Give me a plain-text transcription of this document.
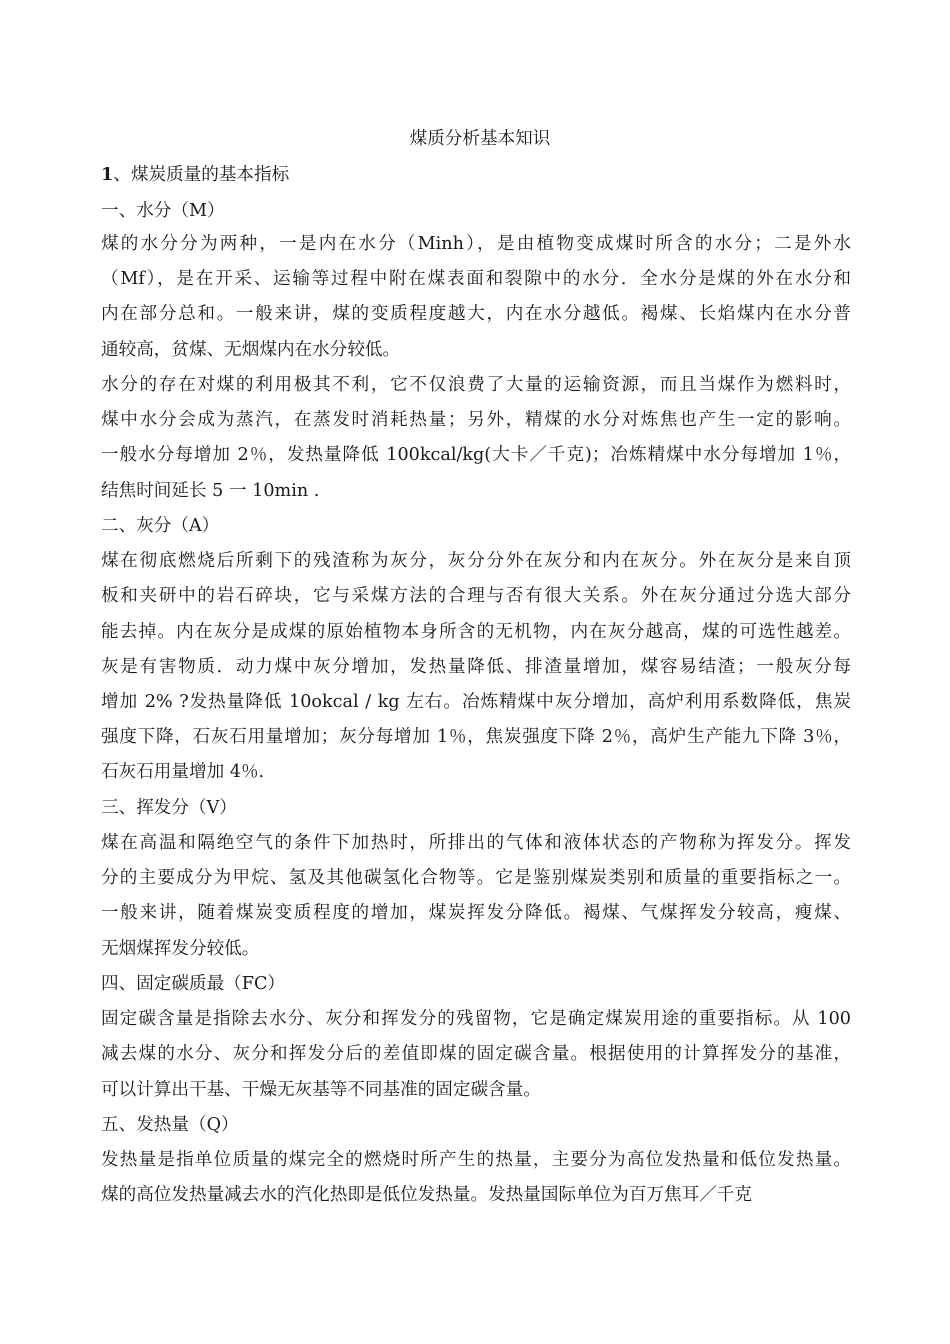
煤质分析基本知识
1、煤炭质量的基本指标
一、水分（M）
煤的水分分为两种，一是内在水分（Minh），是由植物变成煤时所含的水分；二是外水
（Mf），是在开采、运输等过程中附在煤表面和裂隙中的水分．全水分是煤的外在水分和
内在部分总和。一般来讲，煤的变质程度越大，内在水分越低。褐煤、长焰煤内在水分普
通较高，贫煤、无烟煤内在水分较低。
水分的存在对煤的利用极其不利，它不仅浪费了大量的运输资源，而且当煤作为燃料时，
煤中水分会成为蒸汽，在蒸发时消耗热量；另外，精煤的水分对炼焦也产生一定的影响。
一般水分每增加 2％，发热量降低 100kcal/kg(大卡／千克)；冶炼精煤中水分每增加 1％，
结焦时间延长 5 一 10min .
二、灰分（A）
煤在彻底燃烧后所剩下的残渣称为灰分，灰分分外在灰分和内在灰分。外在灰分是来自顶
板和夹研中的岩石碎块，它与采煤方法的合理与否有很大关系。外在灰分通过分选大部分
能去掉。内在灰分是成煤的原始植物本身所含的无机物，内在灰分越高，煤的可选性越差。
灰是有害物质．动力煤中灰分增加，发热量降低、排渣量增加，煤容易结渣；一般灰分每
增加 2% ?发热量降低 10okcal / kg 左右。冶炼精煤中灰分增加，高炉利用系数降低，焦炭
强度下降，石灰石用量增加；灰分每增加 1％，焦炭强度下降 2％，高炉生产能九下降 3％，
石灰石用量增加 4％.
三、挥发分（V）
煤在高温和隔绝空气的条件下加热时，所排出的气体和液体状态的产物称为挥发分。挥发
分的主要成分为甲烷、氢及其他碳氢化合物等。它是鉴别煤炭类别和质量的重要指标之一。
一般来讲，随着煤炭变质程度的增加，煤炭挥发分降低。褐煤、气煤挥发分较高，瘦煤、
无烟煤挥发分较低。
四、固定碳质最（FC）
固定碳含量是指除去水分、灰分和挥发分的残留物，它是确定煤炭用途的重要指标。从 100
减去煤的水分、灰分和挥发分后的差值即煤的固定碳含量。根据使用的计算挥发分的基准，
可以计算出干基、干燥无灰基等不同基准的固定碳含量。
五、发热量（Q）
发热量是指单位质量的煤完全的燃烧时所产生的热量，主要分为高位发热量和低位发热量。
煤的高位发热量减去水的汽化热即是低位发热量。发热量国际单位为百万焦耳／千克
